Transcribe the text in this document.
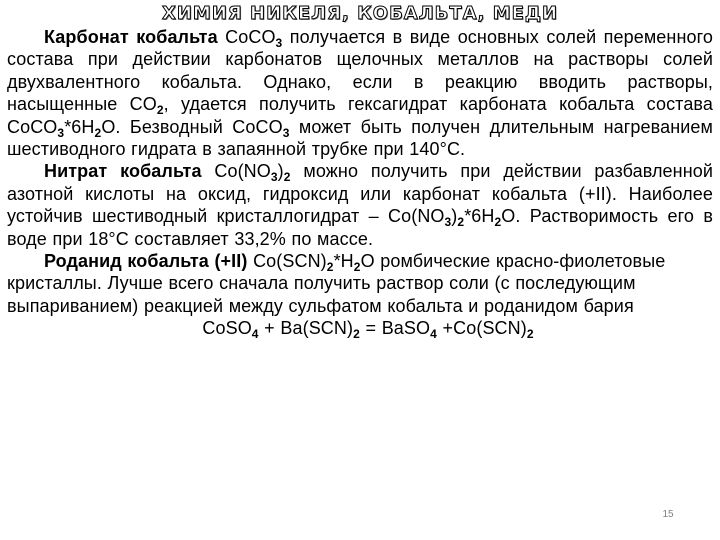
ХИМИЯ НИКЕЛЯ, КОБАЛЬТА, МЕДИ

Карбонат кобальта CoCO$_3$ получается в виде основных солей переменного состава при действии карбонатов щелочных металлов на растворы солей двухвалентного кобальта. Однако, если в реакцию вводить растворы, насыщенные $CO_2$, удается получить гексагидрат карбоната кобальта состава $CoCO_3*6H_2O$. Безводный CoCO$_3$ может быть получен длительным нагреванием шестиводного гидрата в запаянной трубке при 140°С.

Нитрат кобальта $Co(NO_3)_2$ можно получить при действии разбавленной азотной кислоты на оксид, гидроксид или карбонат кобальта (+II). Наиболее устойчив шестиводный кристаллогидрат – $Co(NO_3)_2*6H_2O$. Растворимость его в воде при 18°С составляет 33,2% по массе.

Роданид кобальта (+II) $Co(SCN)_2*H_2O$ ромбические красно-фиолетовые кристаллы. Лучше всего сначала получить раствор соли (с последующим выпариванием) реакцией между сульфатом кобальта и роданидом бария

CoSO$_4$ + $Ba(SCN)_2$ = BaSO$_4$ $+Co(SCN)_2$

15
